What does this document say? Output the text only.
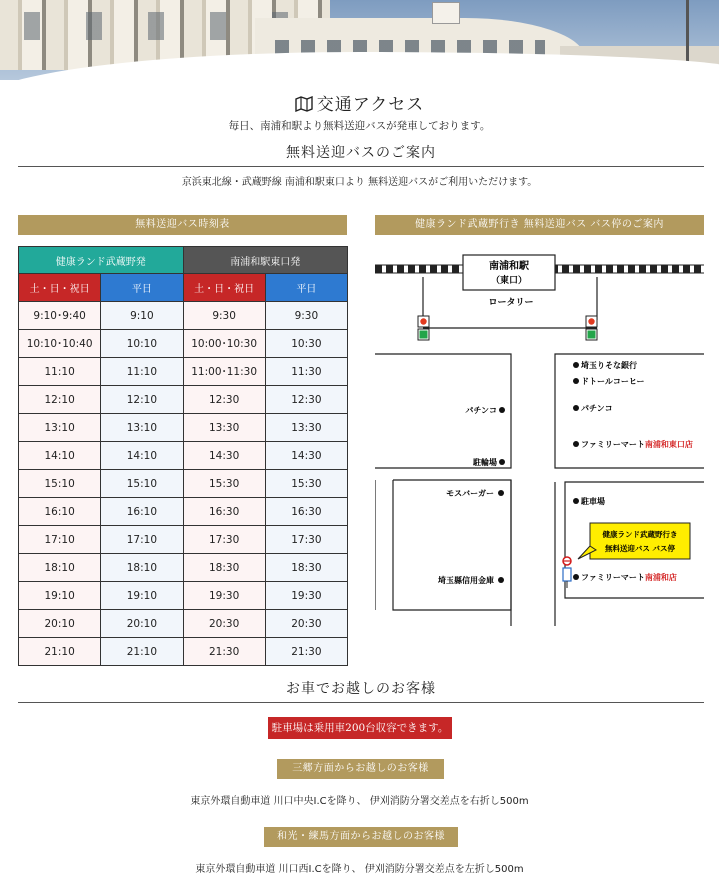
交通アクセス
毎日、南浦和駅より無料送迎バスが発車しております。
無料送迎バスのご案内
京浜東北線・武蔵野線 南浦和駅東口より 無料送迎バスがご利用いただけます。
無料送迎バス時刻表	健康ランド武蔵野行き 無料送迎バス バス停のご案内
健康ランド武蔵野発		南浦和駅東口発	
土・日・祝日	平日	土・日・祝日	平日
9:10･9:40	9:10	9:30	9:30
10:10･10:40	10:10	10:00･10:30	10:30
11:10	11:10	11:00･11:30	11:30
12:10	12:10	12:30	12:30
13:10	13:10	13:30	13:30
14:10	14:10	14:30	14:30
15:10	15:10	15:30	15:30
16:10	16:10	16:30	16:30
17:10	17:10	17:30	17:30
18:10	18:10	18:30	18:30
19:10	19:10	19:30	19:30
20:10	20:10	20:30	20:30
21:10	21:10	21:30	21:30
南浦和駅
（東口）
ロータリー
パチンコ
駐輪場
モスバーガー
埼玉縣信用金庫
埼玉りそな銀行
ドトールコーヒー
パチンコ
ファミリーマート南浦和東口店
駐車場
健康ランド武蔵野行き
無料送迎バス バス停
ファミリーマート南浦和店
お車でお越しのお客様
駐車場は乗用車200台収容できます。
三郷方面からお越しのお客様
東京外環自動車道 川口中央I.Cを降り、 伊刈消防分署交差点を右折し500m
和光・練馬方面からお越しのお客様
東京外環自動車道 川口西I.Cを降り、 伊刈消防分署交差点を左折し500m
